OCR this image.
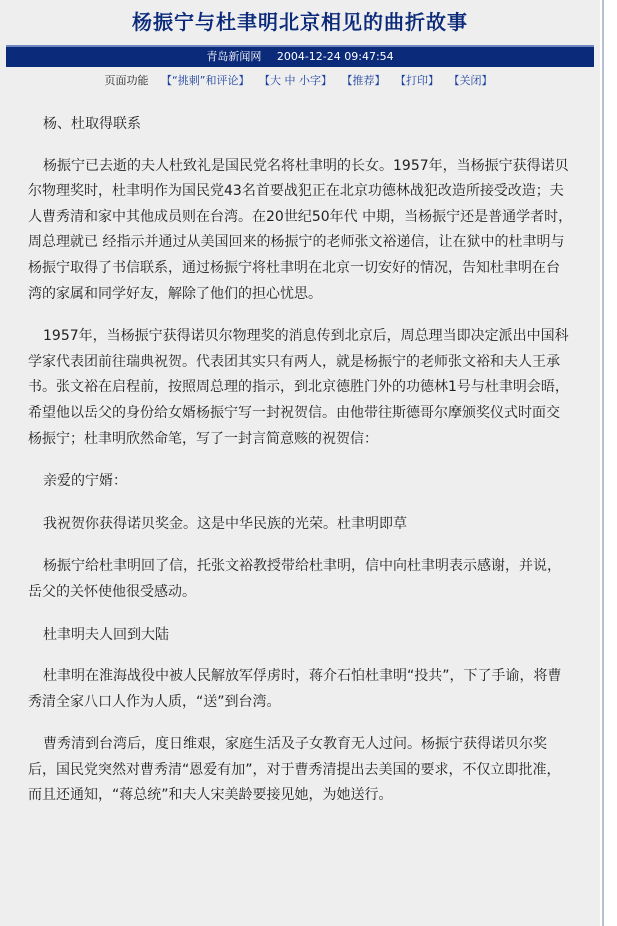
杨振宁与杜聿明北京相见的曲折故事
青岛新闻网 2004-12-24 09:47:54
页面功能 【“挑刺”和评论】 【大 中 小字】 【推荐】 【打印】 【关闭】

杨、杜取得联系

杨振宁已去逝的夫人杜致礼是国民党名将杜聿明的长女。1957年，当杨振宁获得诺贝尔物理奖时，杜聿明作为国民党43名首要战犯正在北京功德林战犯改造所接受改造；夫人曹秀清和家中其他成员则在台湾。在20世纪50年代 中期，当杨振宁还是普通学者时，周总理就已 经指示并通过从美国回来的杨振宁的老师张文裕递信，让在狱中的杜聿明与杨振宁取得了书信联系，通过杨振宁将杜聿明在北京一切安好的情况，告知杜聿明在台湾的家属和同学好友，解除了他们的担心忧思。

1957年，当杨振宁获得诺贝尔物理奖的消息传到北京后，周总理当即决定派出中国科学家代表团前往瑞典祝贺。代表团其实只有两人，就是杨振宁的老师张文裕和夫人王承书。张文裕在启程前，按照周总理的指示，到北京德胜门外的功德林1号与杜聿明会晤，希望他以岳父的身份给女婿杨振宁写一封祝贺信。由他带往斯德哥尔摩颁奖仪式时面交杨振宁；杜聿明欣然命笔，写了一封言简意赅的祝贺信：

亲爱的宁婿：

我祝贺你获得诺贝奖金。这是中华民族的光荣。杜聿明即草

杨振宁给杜聿明回了信，托张文裕教授带给杜聿明，信中向杜聿明表示感谢，并说，岳父的关怀使他很受感动。

杜聿明夫人回到大陆

杜聿明在淮海战役中被人民解放军俘虏时，蒋介石怕杜聿明“投共”，下了手谕，将曹秀清全家八口人作为人质，“送”到台湾。

曹秀清到台湾后，度日维艰，家庭生活及子女教育无人过问。杨振宁获得诺贝尔奖后，国民党突然对曹秀清“恩爱有加”，对于曹秀清提出去美国的要求，不仅立即批准，而且还通知，“蒋总统”和夫人宋美龄要接见她，为她送行。
